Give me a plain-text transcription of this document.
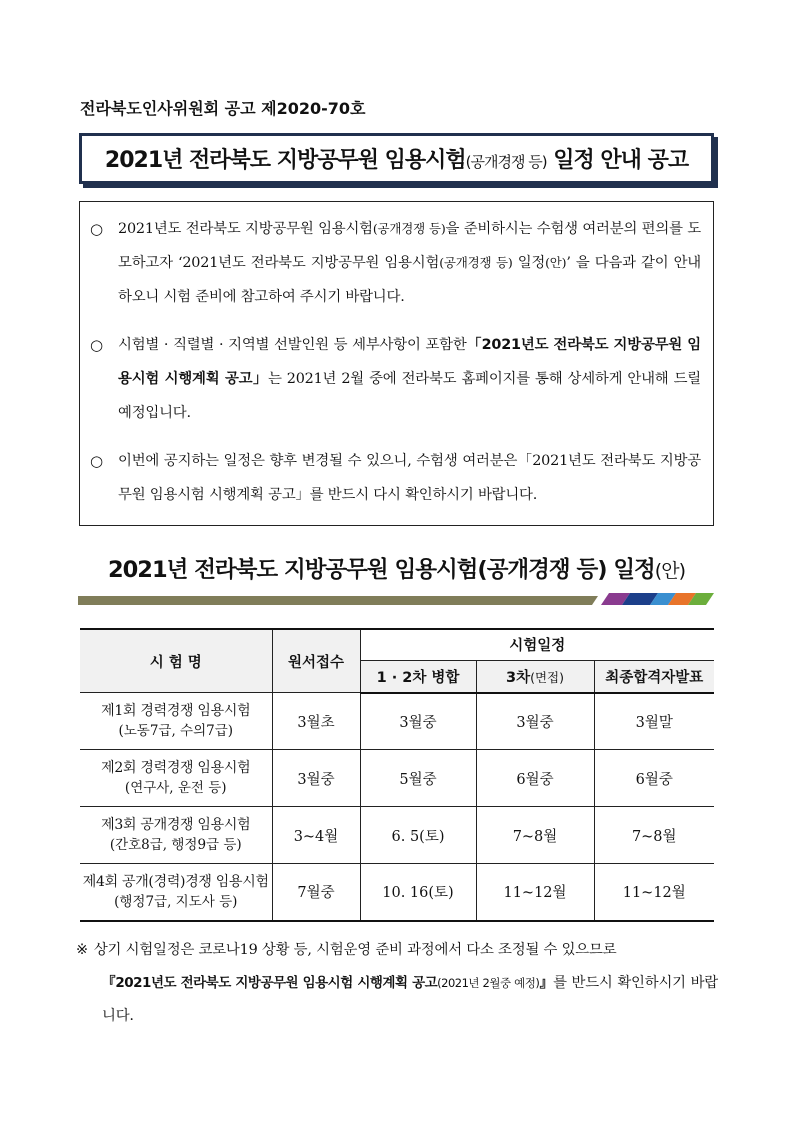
전라북도인사위원회 공고 제2020-70호
2021년 전라북도 지방공무원 임용시험(공개경쟁 등) 일정 안내 공고
○ 2021년도 전라북도 지방공무원 임용시험(공개경쟁 등)을 준비하시는 수험생 여러분의 편의를 도모하고자 ‘2021년도 전라북도 지방공무원 임용시험(공개경쟁 등) 일정(안)’ 을 다음과 같이 안내하오니 시험 준비에 참고하여 주시기 바랍니다.
○ 시험별 · 직렬별 · 지역별 선발인원 등 세부사항이 포함한「2021년도 전라북도 지방공무원 임용시험 시행계획 공고」는 2021년 2월 중에 전라북도 홈페이지를 통해 상세하게 안내해 드릴 예정입니다.
○ 이번에 공지하는 일정은 향후 변경될 수 있으니, 수험생 여러분은「2021년도 전라북도 지방공무원 임용시험 시행계획 공고」를 반드시 다시 확인하시기 바랍니다.
2021년 전라북도 지방공무원 임용시험(공개경쟁 등) 일정(안)
시 험 명	원서접수	시험일정		
		1 · 2차 병합	3차(면접)	최종합격자발표

제1회 경력경쟁 임용시험
(노동7급, 수의7급)	3월초	3월중	3월중	3월말

제2회 경력경쟁 임용시험
(연구사, 운전 등)	3월중	5월중	6월중	6월중

제3회 공개경쟁 임용시험
(간호8급, 행정9급 등)	3~4월	6. 5(토)	7~8월	7~8월

제4회 공개(경력)경쟁 임용시험
(행정7급, 지도사 등)	7월중	10. 16(토)	11~12월	11~12월
※ 상기 시험일정은 코로나19 상황 등, 시험운영 준비 과정에서 다소 조정될 수 있으므로
『2021년도 전라북도 지방공무원 임용시험 시행계획 공고(2021년 2월중 예정)』를 반드시 확인하시기 바랍니다.
